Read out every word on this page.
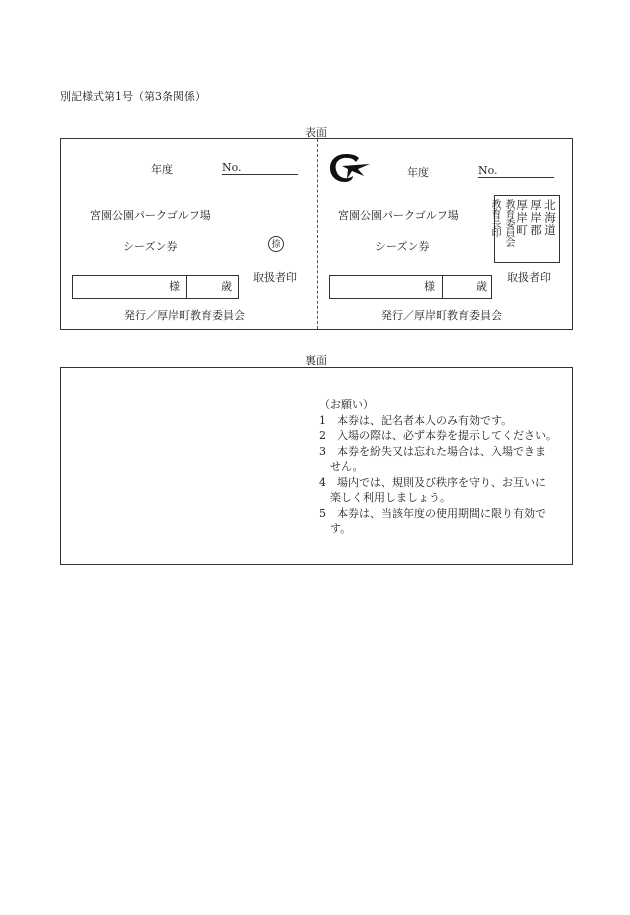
別記様式第1号（第3条関係）
表面
年度	No.
宮園公園パークゴルフ場
シーズン券	捺
様	歳
取扱者印
発行／厚岸町教育委員会
年度	No.
宮園公園パークゴルフ場
シーズン券
北海道
厚岸郡
厚岸町
教育委員会
教育長印
様	歳
取扱者印
発行／厚岸町教育委員会
裏面
（お願い）
1　本券は、記名者本人のみ有効です。
2　入場の際は、必ず本券を提示してください。
3　本券を紛失又は忘れた場合は、入場できま
　せん。
4　場内では、規則及び秩序を守り、お互いに
　楽しく利用しましょう。
5　本券は、当該年度の使用期間に限り有効で
　す。
